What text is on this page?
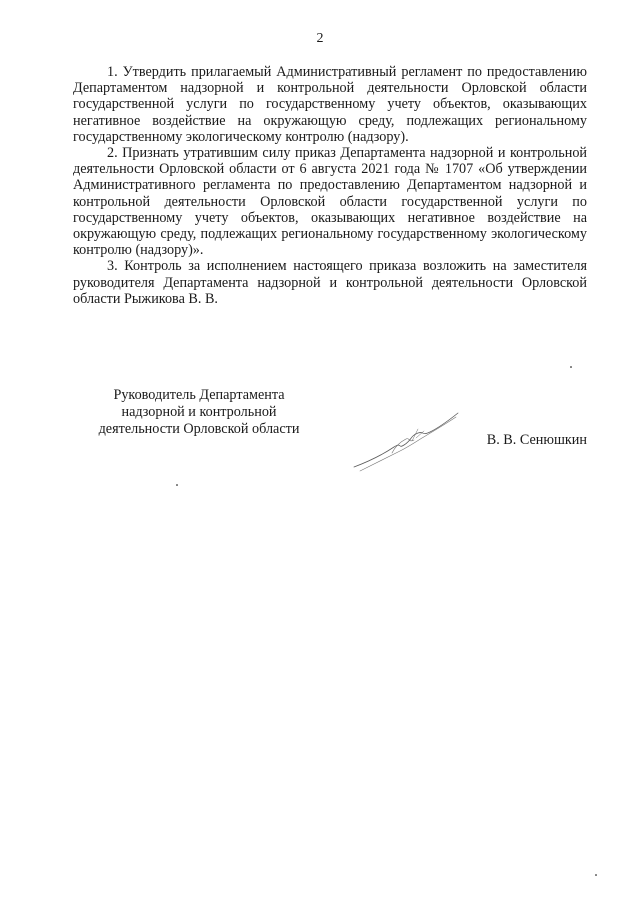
2

1. Утвердить прилагаемый Административный регламент по предоставлению Департаментом надзорной и контрольной деятельности Орловской области государственной услуги по государственному учету объектов, оказывающих негативное воздействие на окружающую среду, подлежащих региональному государственному экологическому контролю (надзору).

2. Признать утратившим силу приказ Департамента надзорной и контрольной деятельности Орловской области от 6 августа 2021 года № 1707 «Об утверждении Административного регламента по предоставлению Департаментом надзорной и контрольной деятельности Орловской области государственной услуги по государственному учету объектов, оказывающих негативное воздействие на окружающую среду, подлежащих региональному государственному экологическому контролю (надзору)».

3. Контроль за исполнением настоящего приказа возложить на заместителя руководителя Департамента надзорной и контрольной деятельности Орловской области Рыжикова В. В.

Руководитель Департамента
надзорной и контрольной
деятельности Орловской области
В. В. Сенюшкин
